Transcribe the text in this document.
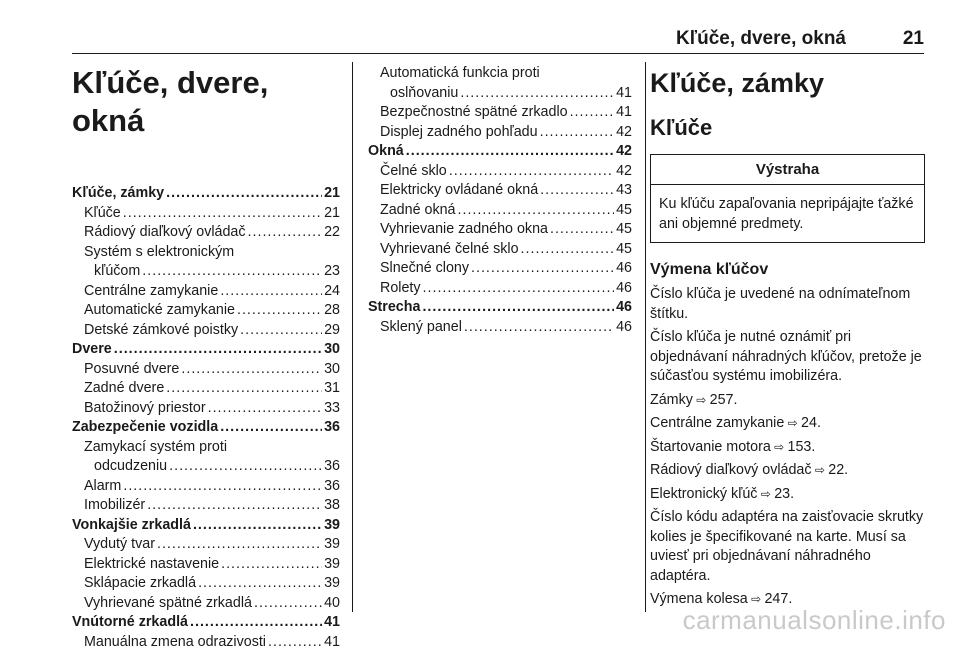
Kľúče, dvere, okná	21
Kľúče, dvere, okná
Kľúče, zámky .....	21
Kľúče .....	21
Rádiový diaľkový ovládač .....	22
Systém s elektronickým
kľúčom .....	23
Centrálne zamykanie .....	24
Automatické zamykanie .....	28
Detské zámkové poistky .....	29
Dvere .....	30
Posuvné dvere .....	30
Zadné dvere .....	31
Batožinový priestor .....	33
Zabezpečenie vozidla .....	36
Zamykací systém proti
odcudzeniu .....	36
Alarm .....	36
Imobilizér .....	38
Vonkajšie zrkadlá .....	39
Vydutý tvar .....	39
Elektrické nastavenie .....	39
Sklápacie zrkadlá .....	39
Vyhrievané spätné zrkadlá .....	40
Vnútorné zrkadlá .....	41
Manuálna zmena odrazivosti .....	41
Automatická funkcia proti
oslňovaniu .....	41
Bezpečnostné spätné zrkadlo .....	41
Displej zadného pohľadu .....	42
Okná .....	42
Čelné sklo .....	42
Elektricky ovládané okná .....	43
Zadné okná .....	45
Vyhrievanie zadného okna .....	45
Vyhrievané čelné sklo .....	45
Slnečné clony .....	46
Rolety .....	46
Strecha .....	46
Sklený panel .....	46
Kľúče, zámky
Kľúče
Výstraha
Ku kľúču zapaľovania nepripájajte ťažké ani objemné predmety.
Výmena kľúčov
Číslo kľúča je uvedené na odnímateľnom štítku.
Číslo kľúča je nutné oznámiť pri objednávaní náhradných kľúčov, pretože je súčasťou systému imobilizéra.
Zámky ⇨ 257.
Centrálne zamykanie ⇨ 24.
Štartovanie motora ⇨ 153.
Rádiový diaľkový ovládač ⇨ 22.
Elektronický kľúč ⇨ 23.
Číslo kódu adaptéra na zaisťovacie skrutky kolies je špecifikované na karte. Musí sa uviesť pri objednávaní náhradného adaptéra.
Výmena kolesa ⇨ 247.
carmanualsonline.info
